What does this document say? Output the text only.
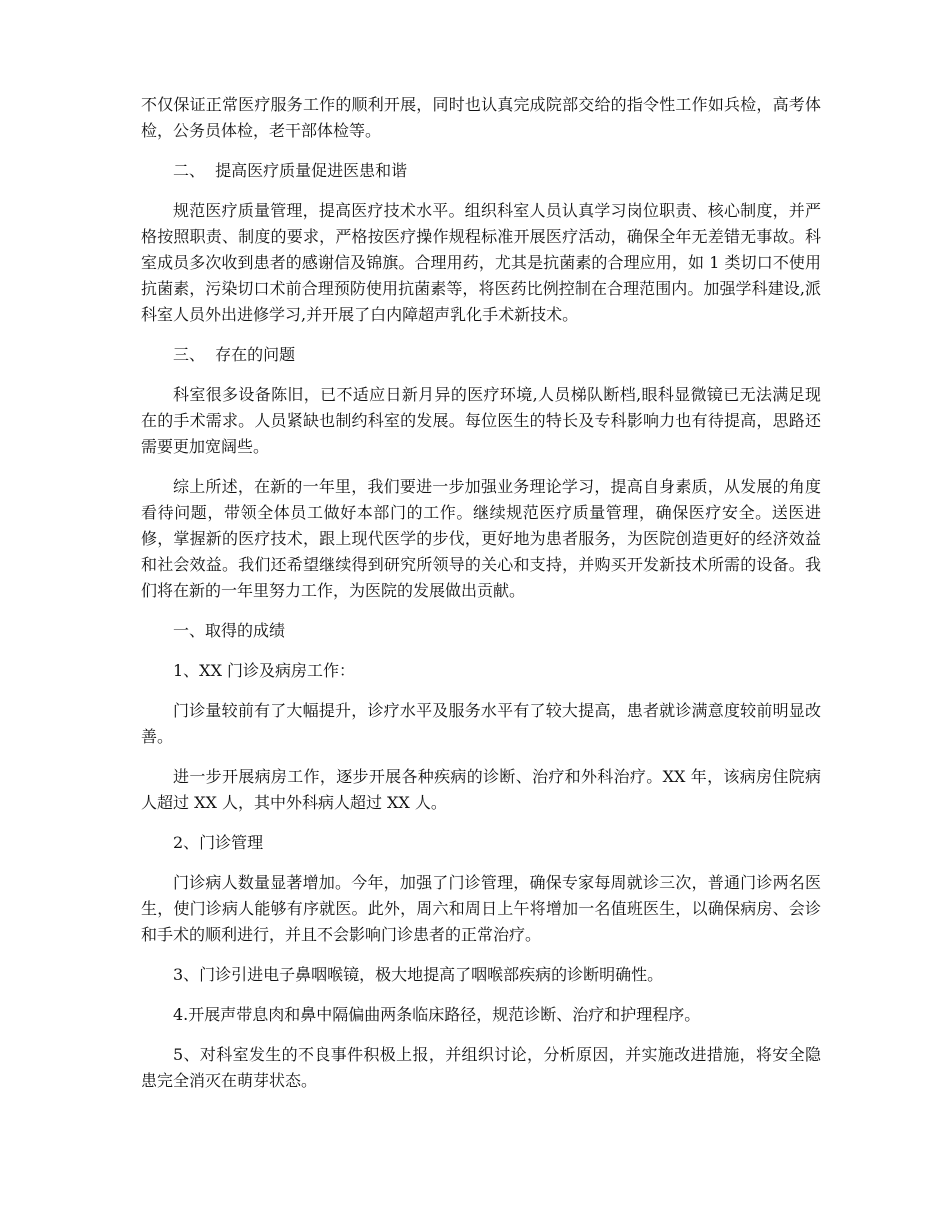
不仅保证正常医疗服务工作的顺利开展，同时也认真完成院部交给的指令性工作如兵检，高考体检，公务员体检，老干部体检等。

二、  提高医疗质量促进医患和谐

规范医疗质量管理，提高医疗技术水平。组织科室人员认真学习岗位职责、核心制度，并严格按照职责、制度的要求，严格按医疗操作规程标准开展医疗活动，确保全年无差错无事故。科室成员多次收到患者的感谢信及锦旗。合理用药，尤其是抗菌素的合理应用，如 1 类切口不使用抗菌素，污染切口术前合理预防使用抗菌素等，将医药比例控制在合理范围内。加强学科建设,派科室人员外出进修学习,并开展了白内障超声乳化手术新技术。

三、  存在的问题

科室很多设备陈旧，已不适应日新月异的医疗环境,人员梯队断档,眼科显微镜已无法满足现在的手术需求。人员紧缺也制约科室的发展。每位医生的特长及专科影响力也有待提高，思路还需要更加宽阔些。

综上所述，在新的一年里，我们要进一步加强业务理论学习，提高自身素质，从发展的角度看待问题，带领全体员工做好本部门的工作。继续规范医疗质量管理，确保医疗安全。送医进修，掌握新的医疗技术，跟上现代医学的步伐，更好地为患者服务，为医院创造更好的经济效益和社会效益。我们还希望继续得到研究所领导的关心和支持，并购买开发新技术所需的设备。我们将在新的一年里努力工作，为医院的发展做出贡献。

一、取得的成绩

1、XX 门诊及病房工作：

门诊量较前有了大幅提升，诊疗水平及服务水平有了较大提高，患者就诊满意度较前明显改善。

进一步开展病房工作，逐步开展各种疾病的诊断、治疗和外科治疗。XX 年，该病房住院病人超过 XX 人，其中外科病人超过 XX 人。

2、门诊管理

门诊病人数量显著增加。今年，加强了门诊管理，确保专家每周就诊三次，普通门诊两名医生，使门诊病人能够有序就医。此外，周六和周日上午将增加一名值班医生，以确保病房、会诊和手术的顺利进行，并且不会影响门诊患者的正常治疗。

3、门诊引进电子鼻咽喉镜，极大地提高了咽喉部疾病的诊断明确性。

4.开展声带息肉和鼻中隔偏曲两条临床路径，规范诊断、治疗和护理程序。

5、对科室发生的不良事件积极上报，并组织讨论，分析原因，并实施改进措施，将安全隐患完全消灭在萌芽状态。
